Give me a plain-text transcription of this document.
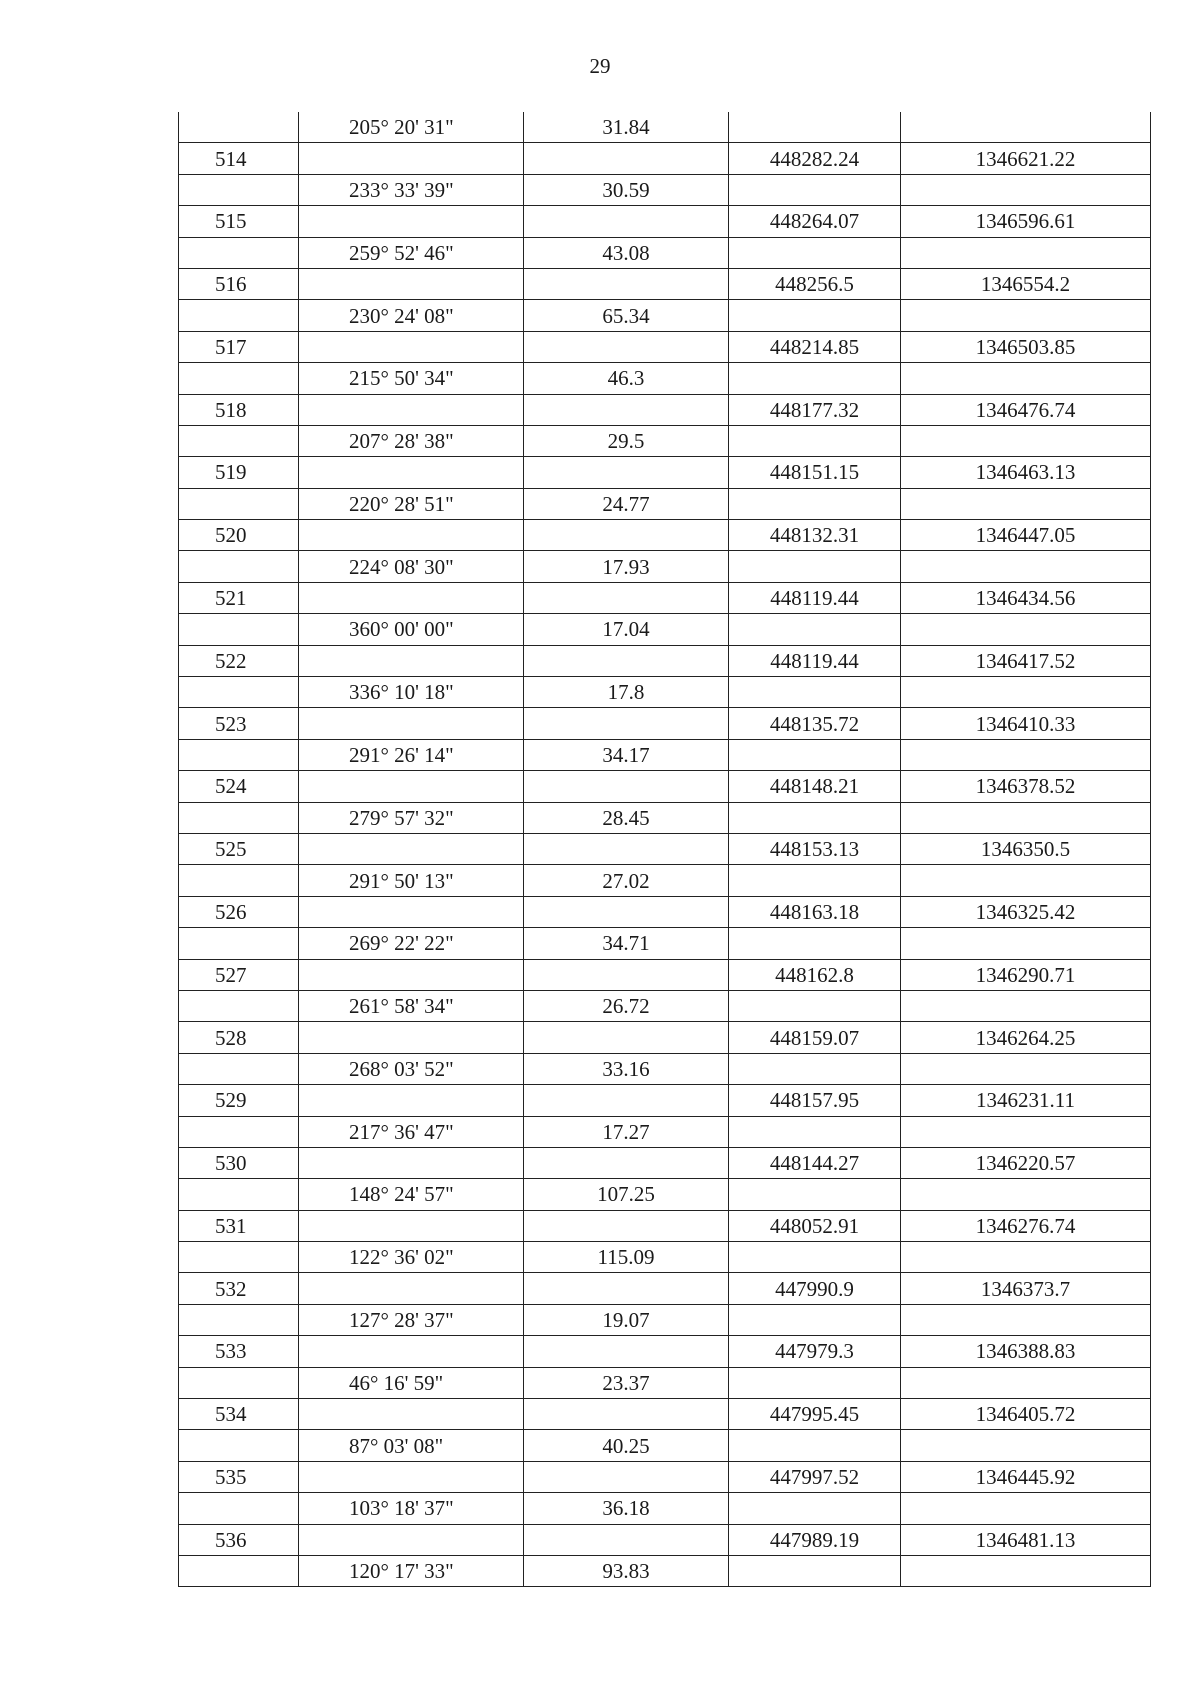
29
	205° 20' 31"	31.84		
514			448282.24	1346621.22
	233° 33' 39"	30.59		
515			448264.07	1346596.61
	259° 52' 46"	43.08		
516			448256.5	1346554.2
	230° 24' 08"	65.34		
517			448214.85	1346503.85
	215° 50' 34"	46.3		
518			448177.32	1346476.74
	207° 28' 38"	29.5		
519			448151.15	1346463.13
	220° 28' 51"	24.77		
520			448132.31	1346447.05
	224° 08' 30"	17.93		
521			448119.44	1346434.56
	360° 00' 00"	17.04		
522			448119.44	1346417.52
	336° 10' 18"	17.8		
523			448135.72	1346410.33
	291° 26' 14"	34.17		
524			448148.21	1346378.52
	279° 57' 32"	28.45		
525			448153.13	1346350.5
	291° 50' 13"	27.02		
526			448163.18	1346325.42
	269° 22' 22"	34.71		
527			448162.8	1346290.71
	261° 58' 34"	26.72		
528			448159.07	1346264.25
	268° 03' 52"	33.16		
529			448157.95	1346231.11
	217° 36' 47"	17.27		
530			448144.27	1346220.57
	148° 24' 57"	107.25		
531			448052.91	1346276.74
	122° 36' 02"	115.09		
532			447990.9	1346373.7
	127° 28' 37"	19.07		
533			447979.3	1346388.83
	46° 16' 59"	23.37		
534			447995.45	1346405.72
	87° 03' 08"	40.25		
535			447997.52	1346445.92
	103° 18' 37"	36.18		
536			447989.19	1346481.13
	120° 17' 33"	93.83		
